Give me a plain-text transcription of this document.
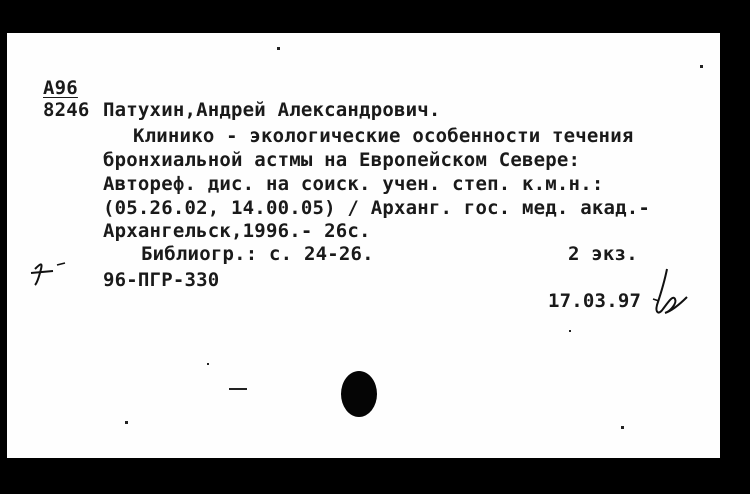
А96
8246 Патухин,Андрей Александрович.
Клинико - экологические особенности течения
бронхиальной астмы на Европейском Севере:
Автореф. дис. на соиск. учен. степ. к.м.н.:
(05.26.02, 14.00.05) / Арханг. гос. мед. акад.-
Архангельск,1996.- 26с.
Библиогр.: с. 24-26.	2 экз.
96-ПГР-330
17.03.97
